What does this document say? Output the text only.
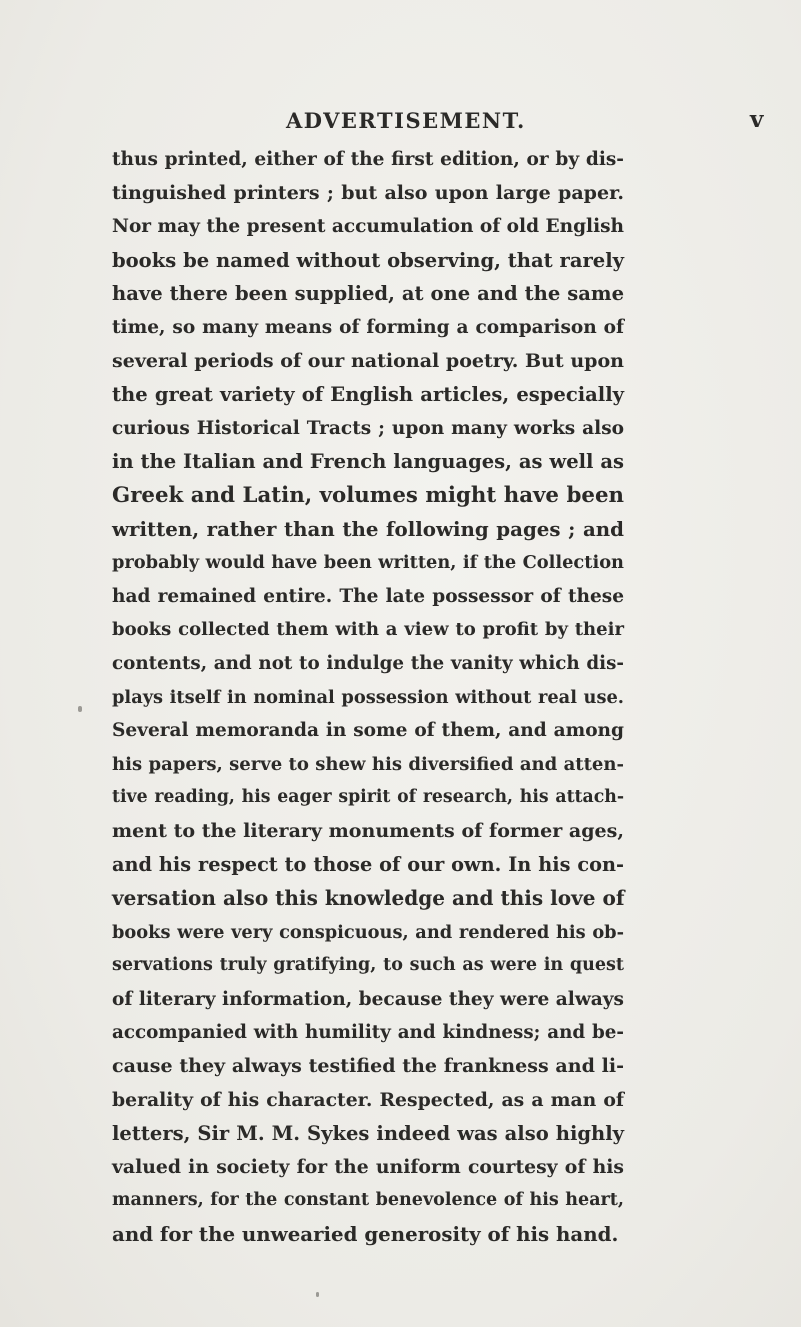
ADVERTISEMENT.	v
thus printed, either of the first edition, or by dis-
tinguished printers ; but also upon large paper.
Nor may the present accumulation of old English
books be named without observing, that rarely
have there been supplied, at one and the same
time, so many means of forming a comparison of
several periods of our national poetry. But upon
the great variety of English articles, especially
curious Historical Tracts ; upon many works also
in the Italian and French languages, as well as
Greek and Latin, volumes might have been
written, rather than the following pages ; and
probably would have been written, if the Collection
had remained entire. The late possessor of these
books collected them with a view to profit by their
contents, and not to indulge the vanity which dis-
plays itself in nominal possession without real use.
Several memoranda in some of them, and among
his papers, serve to shew his diversified and atten-
tive reading, his eager spirit of research, his attach-
ment to the literary monuments of former ages,
and his respect to those of our own. In his con-
versation also this knowledge and this love of
books were very conspicuous, and rendered his ob-
servations truly gratifying, to such as were in quest
of literary information, because they were always
accompanied with humility and kindness; and be-
cause they always testified the frankness and li-
berality of his character. Respected, as a man of
letters, Sir M. M. Sykes indeed was also highly
valued in society for the uniform courtesy of his
manners, for the constant benevolence of his heart,
and for the unwearied generosity of his hand.
